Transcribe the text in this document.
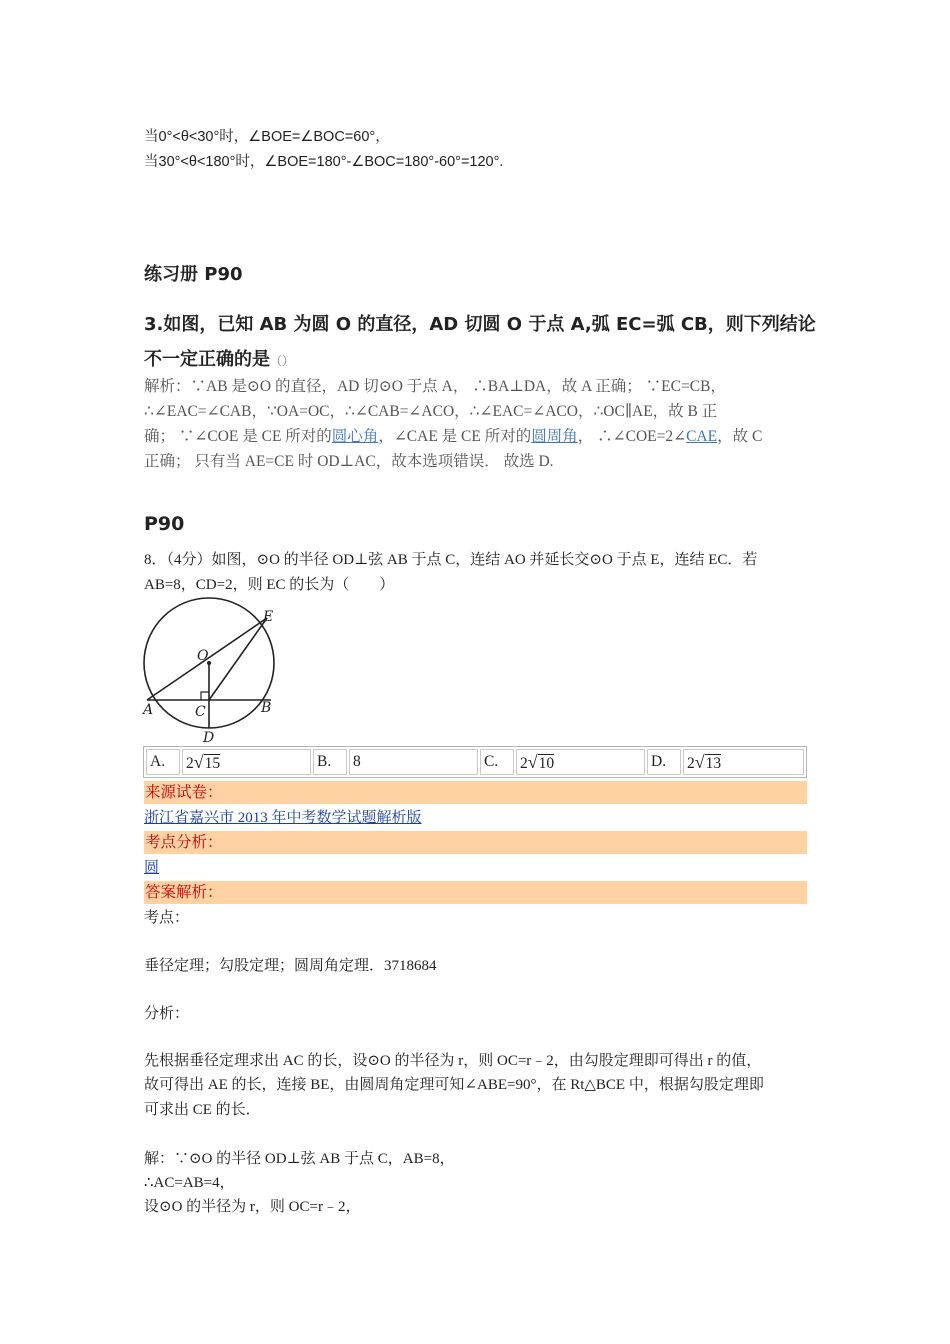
当0°<θ<30°时，∠BOE=∠BOC=60°，
当30°<θ<180°时，∠BOE=180°-∠BOC=180°-60°=120°.
练习册 P90
3.如图，已知 AB 为圆 O 的直径，AD 切圆 O 于点 A,弧 EC=弧 CB，则下列结论
不一定正确的是（）
解析：∵AB 是⊙O 的直径，AD 切⊙O 于点 A， ∴BA⊥DA，故 A 正确； ∵EC=CB，
∴∠EAC=∠CAB，∵OA=OC，∴∠CAB=∠ACO，∴∠EAC=∠ACO，∴OC∥AE，故 B 正
确； ∵∠COE 是 CE 所对的圆心角，∠CAE 是 CE 所对的圆周角， ∴∠COE=2∠CAE，故 C
正确； 只有当 AE=CE 时 OD⊥AC，故本选项错误． 故选 D.
P90
8．（4分）如图，⊙O 的半径 OD⊥弦 AB 于点 C，连结 AO 并延长交⊙O 于点 E，连结 EC．若
AB=8，CD=2，则 EC 的长为（　　）
O
E
A	C	B
D
A.	2√15	B.	8	C.	2√10	D.	2√13
来源试卷：
浙江省嘉兴市 2013 年中考数学试题解析版
考点分析：
圆
答案解析：
考点：
垂径定理；勾股定理；圆周角定理．3718684
分析：
先根据垂径定理求出 AC 的长，设⊙O 的半径为 r，则 OC=r﹣2，由勾股定理即可得出 r 的值，
故可得出 AE 的长，连接 BE，由圆周角定理可知∠ABE=90°，在 Rt△BCE 中，根据勾股定理即
可求出 CE 的长．
解：∵⊙O 的半径 OD⊥弦 AB 于点 C，AB=8，
∴AC=AB=4，
设⊙O 的半径为 r，则 OC=r﹣2，
